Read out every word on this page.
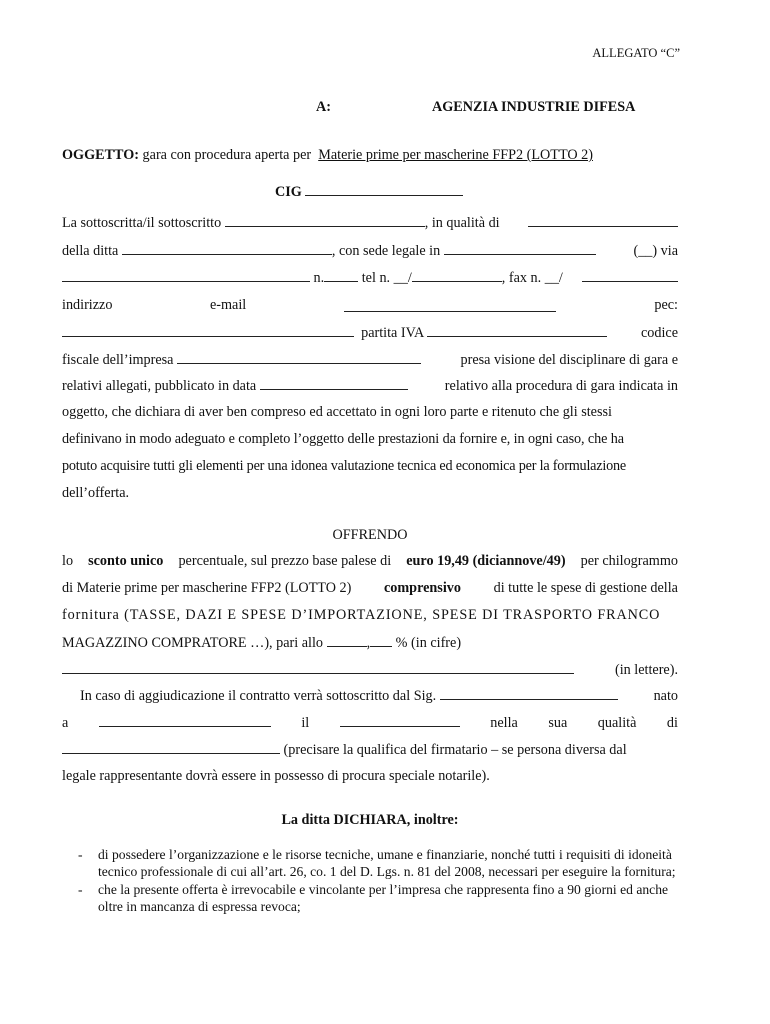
ALLEGATO “C”
A:	AGENZIA INDUSTRIE DIFESA
OGGETTO: gara con procedura aperta per Materie prime per mascherine FFP2 (LOTTO 2)
CIG
La sottoscritta/il sottoscritto	, in qualità di
della ditta	, con sede legale in	(__) via
n.	tel n. __/	, fax n. __/
indirizzo	e-mail	pec:
partita IVA	codice
fiscale dell’impresa	presa visione del disciplinare di gara e
relativi allegati, pubblicato in data	relativo alla procedura di gara indicata in
oggetto, che dichiara di aver ben compreso ed accettato in ogni loro parte e ritenuto che gli stessi
definivano in modo adeguato e completo l’oggetto delle prestazioni da fornire e, in ogni caso, che ha
potuto acquisire tutti gli elementi per una idonea valutazione tecnica ed economica per la formulazione
dell’offerta.
OFFRENDO
lo sconto unico percentuale, sul prezzo base palese di euro 19,49 (diciannove/49) per chilogrammo
di Materie prime per mascherine FFP2 (LOTTO 2) comprensivo di tutte le spese di gestione della
fornitura (TASSE, DAZI E SPESE D’IMPORTAZIONE, SPESE DI TRASPORTO FRANCO
MAGAZZINO COMPRATORE …), pari allo	, % (in cifre)
(in lettere).
In caso di aggiudicazione il contratto verrà sottoscritto dal Sig.	nato
a	il	nella sua qualità di
(precisare la qualifica del firmatario – se persona diversa dal
legale rappresentante dovrà essere in possesso di procura speciale notarile).
La ditta DICHIARA, inoltre:
- di possedere l’organizzazione e le risorse tecniche, umane e finanziarie, nonché tutti i requisiti di idoneità tecnico professionale di cui all’art. 26, co. 1 del D. Lgs. n. 81 del 2008, necessari per eseguire la fornitura;
- che la presente offerta è irrevocabile e vincolante per l’impresa che rappresenta fino a 90 giorni ed anche oltre in mancanza di espressa revoca;
